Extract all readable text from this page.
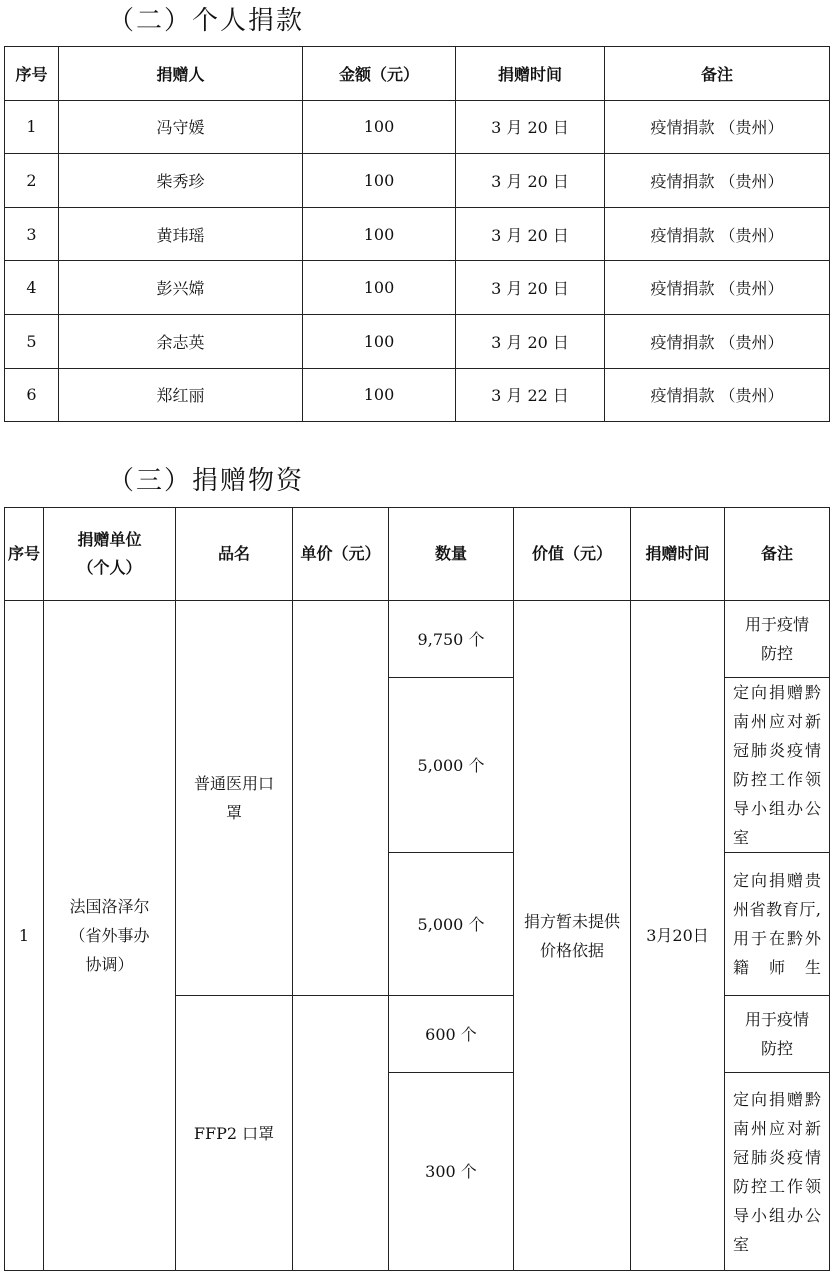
（二）个人捐款
序号	捐赠人	金额（元）	捐赠时间	备注
1	冯守媛	100	3 月 20 日	疫情捐款 （贵州）
2	柴秀珍	100	3 月 20 日	疫情捐款 （贵州）
3	黄玮瑶	100	3 月 20 日	疫情捐款 （贵州）
4	彭兴嫦	100	3 月 20 日	疫情捐款 （贵州）
5	余志英	100	3 月 20 日	疫情捐款 （贵州）
6	郑红丽	100	3 月 22 日	疫情捐款 （贵州）
（三）捐赠物资
序号	捐赠单位（个人）	品名	单价（元）	数量	价值（元）	捐赠时间	备注
1	法国洛泽尔（省外事办协调）	普通医用口罩		9,750 个	捐方暂未提供价格依据	3月20日	用于疫情防控
				5,000 个			定向捐赠黔南州应对新冠肺炎疫情防控工作领导小组办公室
				5,000 个			定向捐赠贵州省教育厅,用于在黔外籍师生
		FFP2 口罩		600 个			用于疫情防控
				300 个			定向捐赠黔南州应对新冠肺炎疫情防控工作领导小组办公室
